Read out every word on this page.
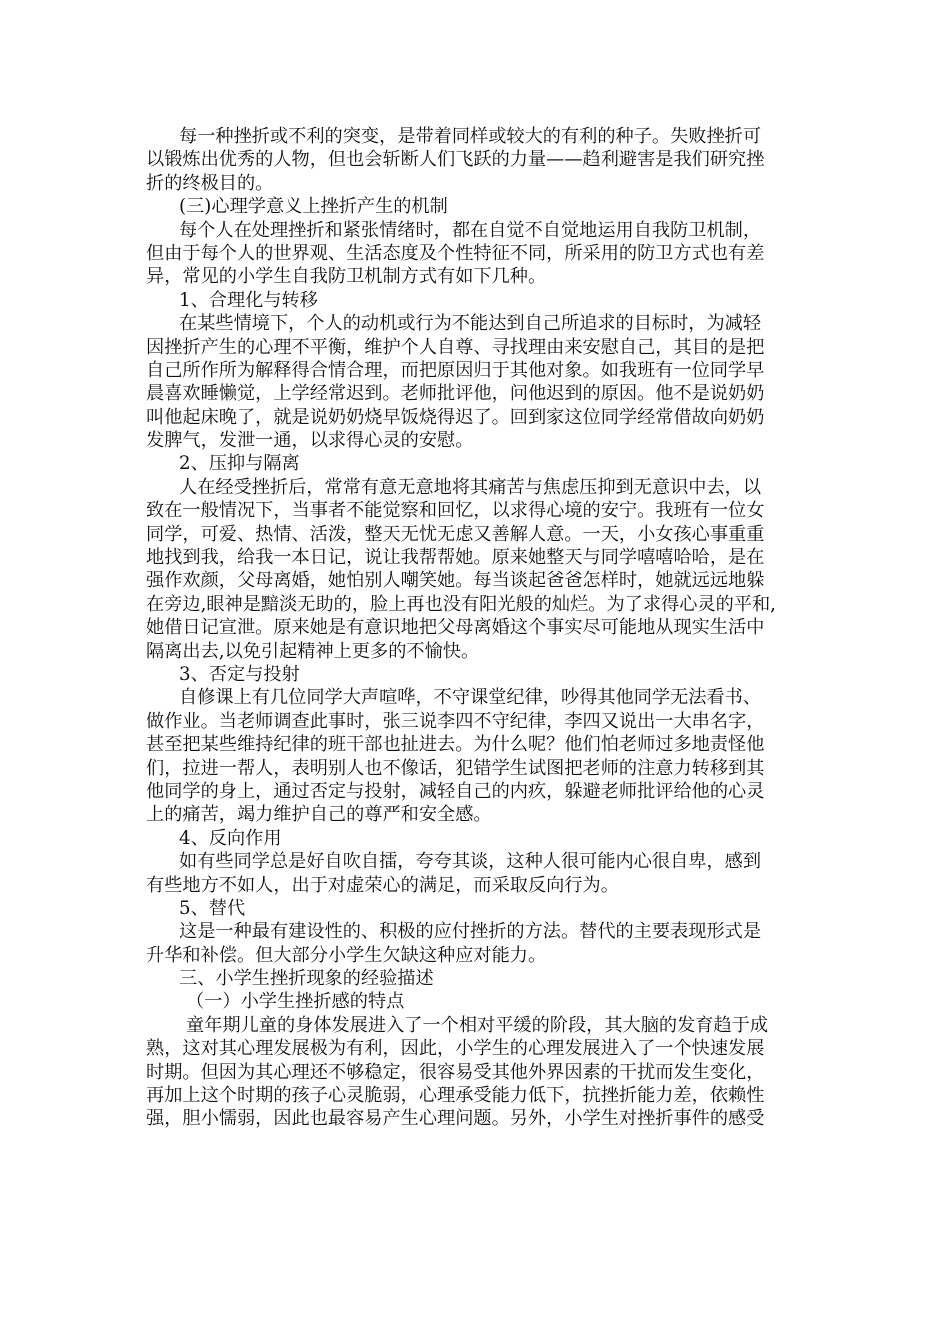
每一种挫折或不利的突变，是带着同样或较大的有利的种子。失败挫折可
以锻炼出优秀的人物，但也会斩断人们飞跃的力量——趋利避害是我们研究挫
折的终极目的。
(三)心理学意义上挫折产生的机制
每个人在处理挫折和紧张情绪时，都在自觉不自觉地运用自我防卫机制，
但由于每个人的世界观、生活态度及个性特征不同，所采用的防卫方式也有差
异，常见的小学生自我防卫机制方式有如下几种。
1、合理化与转移
在某些情境下，个人的动机或行为不能达到自己所追求的目标时，为减轻
因挫折产生的心理不平衡，维护个人自尊、寻找理由来安慰自己，其目的是把
自己所作所为解释得合情合理，而把原因归于其他对象。如我班有一位同学早
晨喜欢睡懒觉，上学经常迟到。老师批评他，问他迟到的原因。他不是说奶奶
叫他起床晚了，就是说奶奶烧早饭烧得迟了。回到家这位同学经常借故向奶奶
发脾气，发泄一通，以求得心灵的安慰。
2、压抑与隔离
人在经受挫折后，常常有意无意地将其痛苦与焦虑压抑到无意识中去，以
致在一般情况下，当事者不能觉察和回忆，以求得心境的安宁。我班有一位女
同学，可爱、热情、活泼，整天无忧无虑又善解人意。一天，小女孩心事重重
地找到我，给我一本日记，说让我帮帮她。原来她整天与同学嘻嘻哈哈，是在
强作欢颜，父母离婚，她怕别人嘲笑她。每当谈起爸爸怎样时，她就远远地躲
在旁边,眼神是黯淡无助的，脸上再也没有阳光般的灿烂。为了求得心灵的平和,
她借日记宣泄。原来她是有意识地把父母离婚这个事实尽可能地从现实生活中
隔离出去,以免引起精神上更多的不愉快。
3、否定与投射
自修课上有几位同学大声喧哗，不守课堂纪律，吵得其他同学无法看书、
做作业。当老师调查此事时，张三说李四不守纪律，李四又说出一大串名字，
甚至把某些维持纪律的班干部也扯进去。为什么呢？他们怕老师过多地责怪他
们，拉进一帮人，表明别人也不像话，犯错学生试图把老师的注意力转移到其
他同学的身上，通过否定与投射，减轻自己的内疚，躲避老师批评给他的心灵
上的痛苦，竭力维护自己的尊严和安全感。
4、反向作用
如有些同学总是好自吹自擂，夸夸其谈，这种人很可能内心很自卑，感到
有些地方不如人，出于对虚荣心的满足，而采取反向行为。
5、替代
这是一种最有建设性的、积极的应付挫折的方法。替代的主要表现形式是
升华和补偿。但大部分小学生欠缺这种应对能力。
三、小学生挫折现象的经验描述
（一）小学生挫折感的特点
童年期儿童的身体发展进入了一个相对平缓的阶段，其大脑的发育趋于成
熟，这对其心理发展极为有利，因此，小学生的心理发展进入了一个快速发展
时期。但因为其心理还不够稳定，很容易受其他外界因素的干扰而发生变化，
再加上这个时期的孩子心灵脆弱，心理承受能力低下，抗挫折能力差，依赖性
强，胆小懦弱，因此也最容易产生心理问题。另外，小学生对挫折事件的感受
